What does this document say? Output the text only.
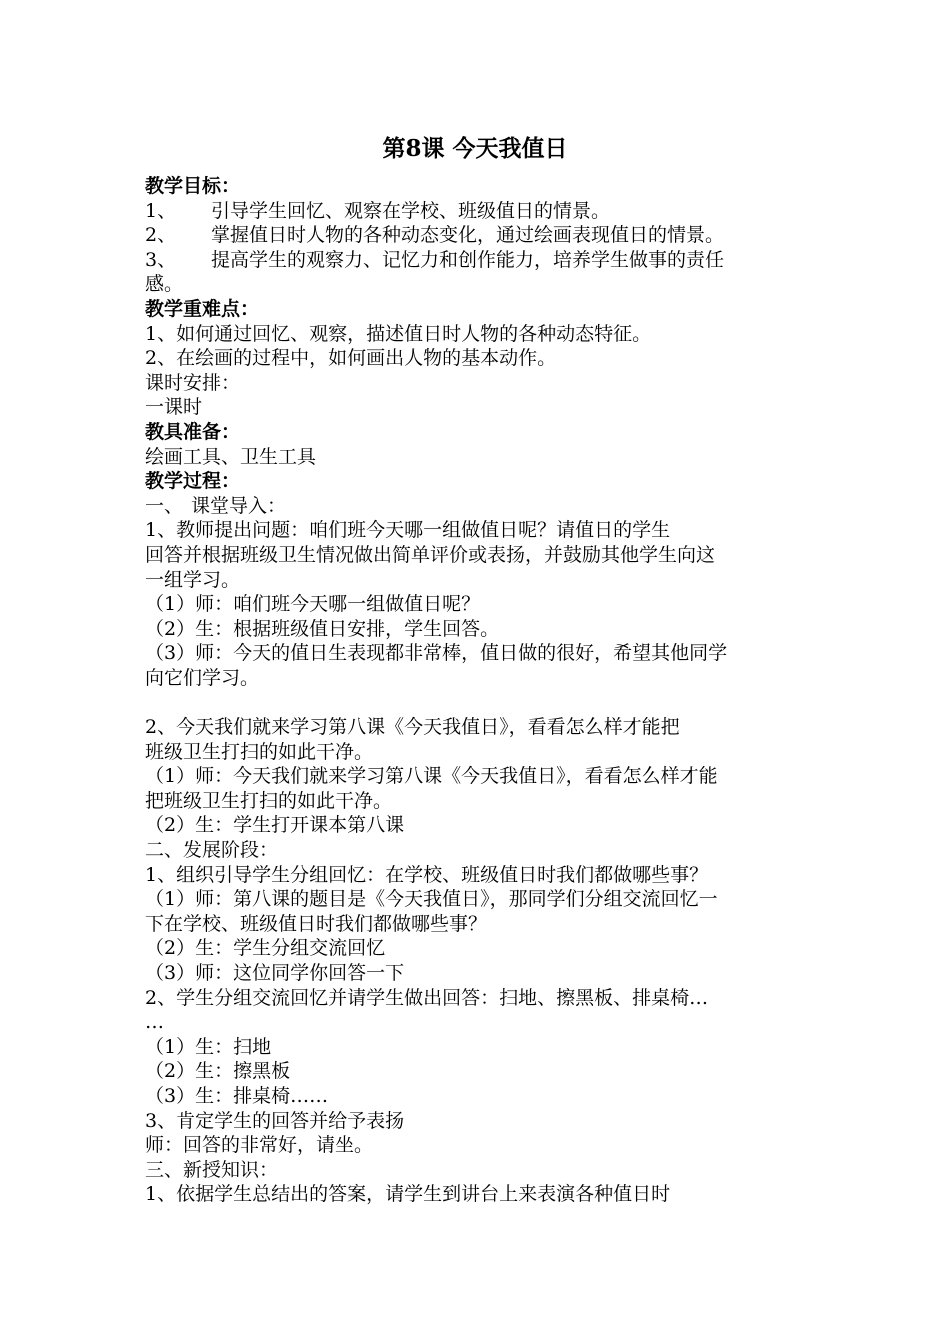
第8课 今天我值日

教学目标：

1、 引导学生回忆、观察在学校、班级值日的情景。

2、 掌握值日时人物的各种动态变化，通过绘画表现值日的情景。

3、 提高学生的观察力、记忆力和创作能力，培养学生做事的责任

感。

教学重难点：

1、如何通过回忆、观察，描述值日时人物的各种动态特征。

2、在绘画的过程中，如何画出人物的基本动作。

课时安排：

一课时

教具准备：

绘画工具、卫生工具

教学过程：

一、 课堂导入：

1、教师提出问题：咱们班今天哪一组做值日呢？请值日的学生

回答并根据班级卫生情况做出简单评价或表扬，并鼓励其他学生向这

一组学习。

（1）师：咱们班今天哪一组做值日呢？

（2）生：根据班级值日安排，学生回答。

（3）师：今天的值日生表现都非常棒，值日做的很好，希望其他同学

向它们学习。

2、今天我们就来学习第八课《今天我值日》，看看怎么样才能把

班级卫生打扫的如此干净。

（1）师：今天我们就来学习第八课《今天我值日》，看看怎么样才能

把班级卫生打扫的如此干净。

（2）生：学生打开课本第八课

二、发展阶段：

1、组织引导学生分组回忆：在学校、班级值日时我们都做哪些事？

（1）师：第八课的题目是《今天我值日》，那同学们分组交流回忆一

下在学校、班级值日时我们都做哪些事？

（2）生：学生分组交流回忆

（3）师：这位同学你回答一下

2、学生分组交流回忆并请学生做出回答：扫地、擦黑板、排桌椅…

…

（1）生：扫地

（2）生：擦黑板

（3）生：排桌椅……

3、肯定学生的回答并给予表扬

师：回答的非常好，请坐。

三、新授知识：

1、依据学生总结出的答案，请学生到讲台上来表演各种值日时
